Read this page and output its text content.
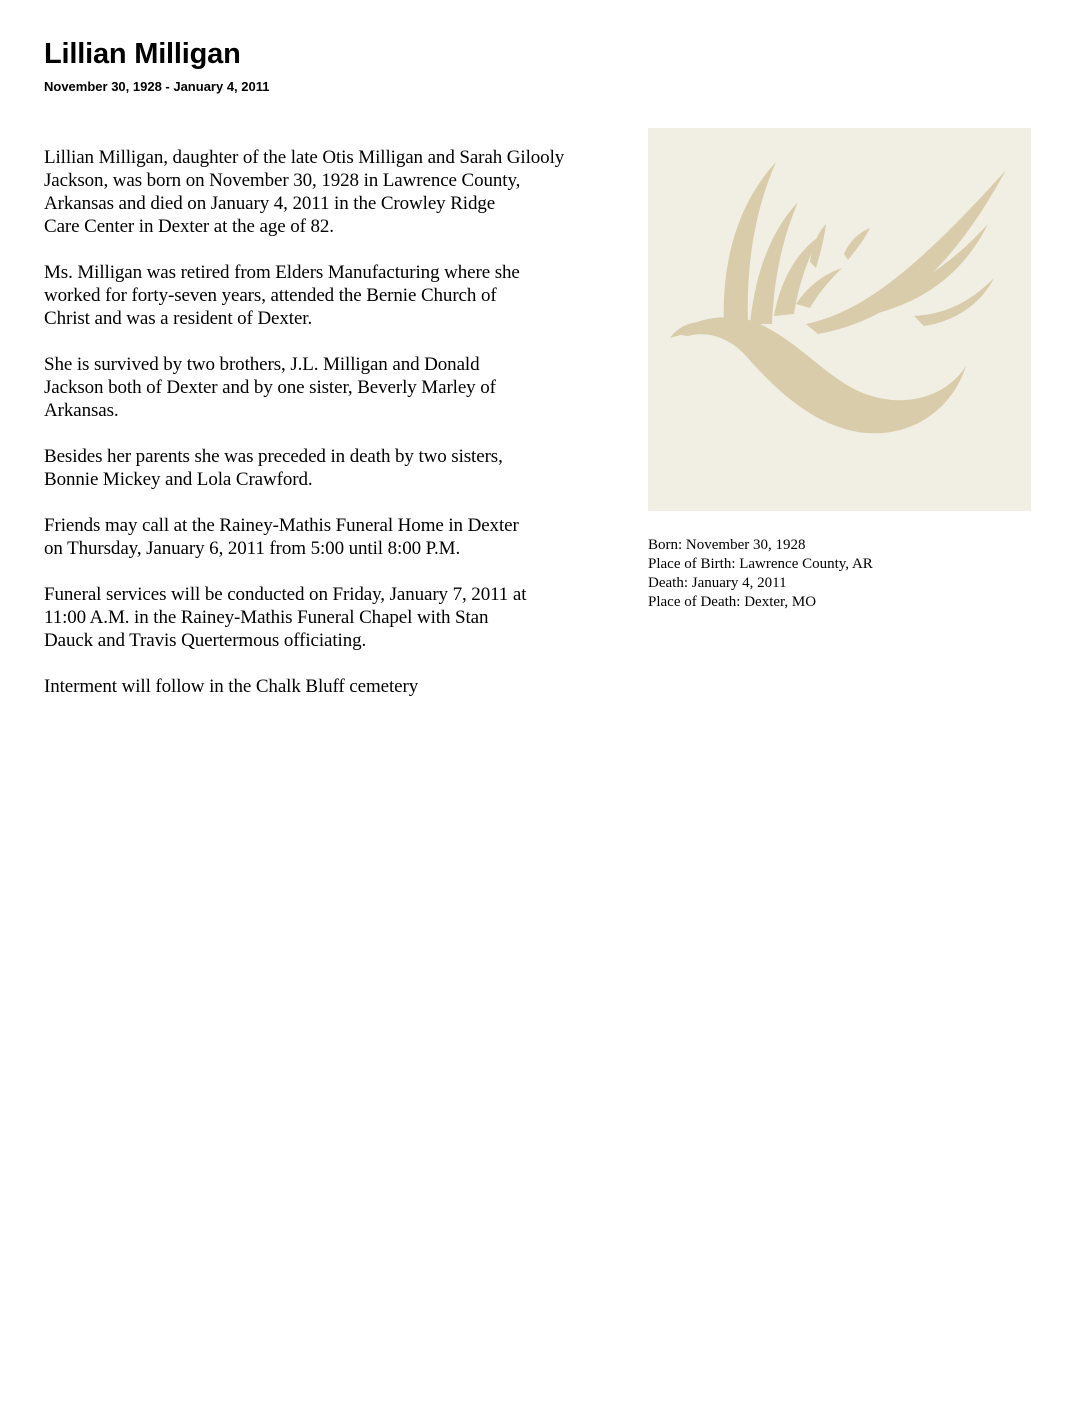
Lillian Milligan
November 30, 1928 - January 4, 2011

Lillian Milligan, daughter of the late Otis Milligan and Sarah Gilooly
Jackson, was born on November 30, 1928 in Lawrence County,
Arkansas and died on January 4, 2011 in the Crowley Ridge
Care Center in Dexter at the age of 82.

Ms. Milligan was retired from Elders Manufacturing where she
worked for forty-seven years, attended the Bernie Church of
Christ and was a resident of Dexter.

She is survived by two brothers, J.L. Milligan and Donald
Jackson both of Dexter and by one sister, Beverly Marley of
Arkansas.

Besides her parents she was preceded in death by two sisters,
Bonnie Mickey and Lola Crawford.

Friends may call at the Rainey-Mathis Funeral Home in Dexter
on Thursday, January 6, 2011 from 5:00 until 8:00 P.M.

Funeral services will be conducted on Friday, January 7, 2011 at
11:00 A.M. in the Rainey-Mathis Funeral Chapel with Stan
Dauck and Travis Quertermous officiating.

Interment will follow in the Chalk Bluff cemetery

Born: November 30, 1928
Place of Birth: Lawrence County, AR
Death: January 4, 2011
Place of Death: Dexter, MO
